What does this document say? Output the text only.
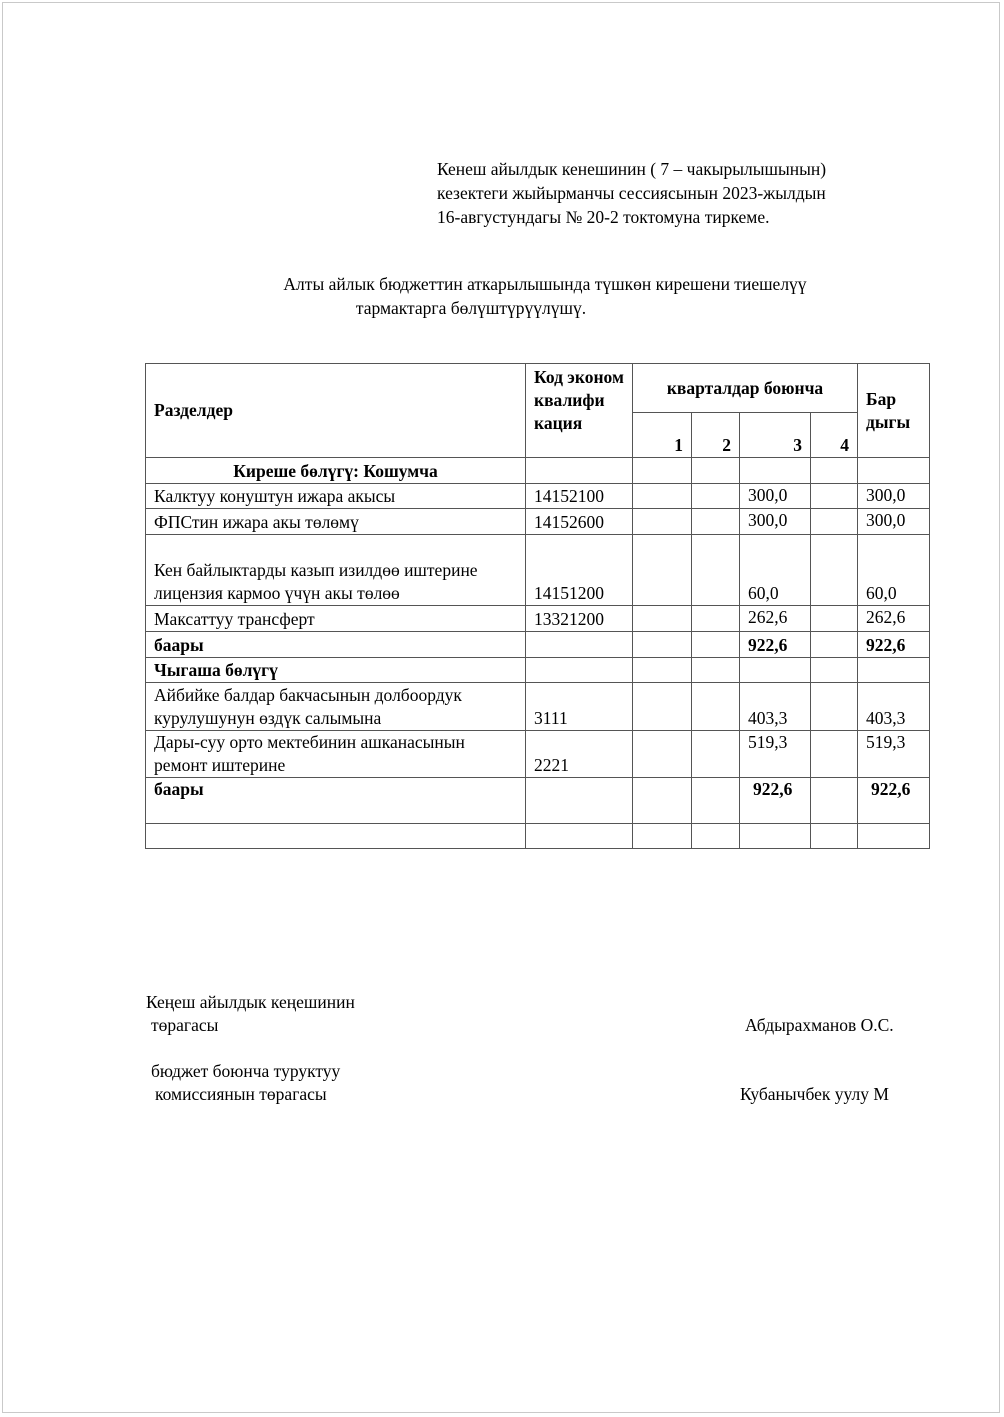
Кенеш айылдык кенешинин ( 7 – чакырылышынын)
кезектеги жыйырманчы сессиясынын 2023-жылдын
16-августундагы № 20-2 токтомуна тиркеме.
Алты айлык бюджеттин аткарылышында түшкөн кирешени тиешелүү
тармактарга бөлүштүрүүлүшү.
Разделдер	Код эконом квалифи кация	кварталдар боюнча				Бар дыгы
		1	2	3	4	
Киреше бөлүгү: Кошумча						
Калктуу конуштун ижара акысы	14152100			300,0		300,0
ФПСтин ижара акы төлөмү	14152600			300,0		300,0
Кен байлыктарды казып изилдөө иштерине лицензия кармоо үчүн акы төлөө	14151200			60,0		60,0
Максаттуу трансферт	13321200			262,6		262,6
баары				922,6		922,6
Чыгаша бөлүгү						
Айбийке балдар бакчасынын долбоордук курулушунун өздүк салымына	3111			403,3		403,3
Дары-суу орто мектебинин ашканасынын ремонт иштерине	2221			519,3		519,3
баары				922,6		922,6

Кеңеш айылдык кеңешинин
төрагасы	Абдырахманов О.С.
бюджет боюнча туруктуу
комиссиянын төрагасы	Кубанычбек уулу М
